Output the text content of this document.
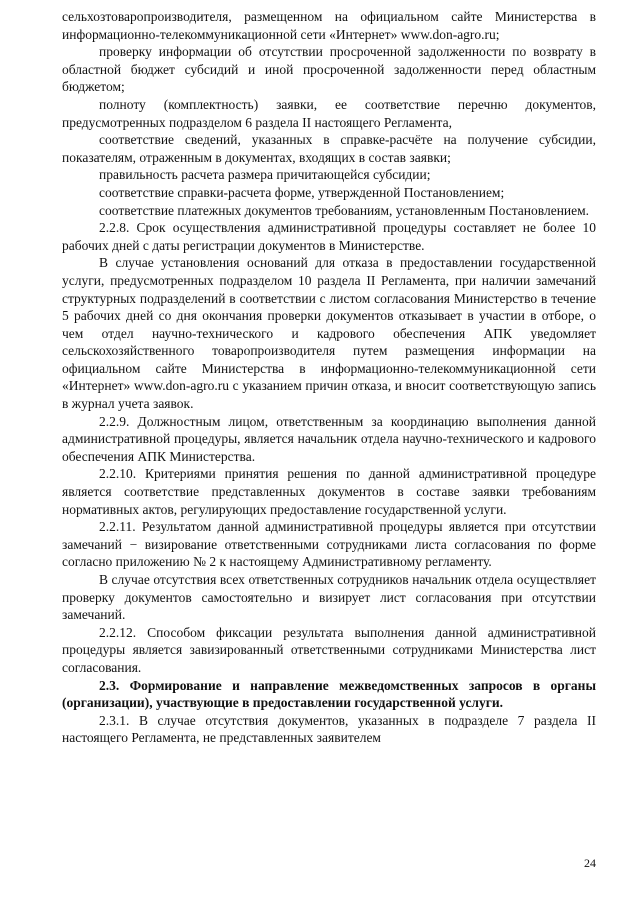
сельхозтоваропроизводителя, размещенном на официальном сайте Министерства в информационно-телекоммуникационной сети «Интернет» www.don-agro.ru;

проверку информации об отсутствии просроченной задолженности по возврату в областной бюджет субсидий и иной просроченной задолженности перед областным бюджетом;

полноту (комплектность) заявки, ее соответствие перечню документов, предусмотренных подразделом 6 раздела II настоящего Регламента,

соответствие сведений, указанных в справке-расчёте на получение субсидии, показателям, отраженным в документах, входящих в состав заявки;

правильность расчета размера причитающейся субсидии;

соответствие справки-расчета форме, утвержденной Постановлением;

соответствие платежных документов требованиям, установленным Постановлением.

2.2.8. Срок осуществления административной процедуры составляет не более 10 рабочих дней с даты регистрации документов в Министерстве.

В случае установления оснований для отказа в предоставлении государственной услуги, предусмотренных подразделом 10 раздела II Регламента, при наличии замечаний структурных подразделений в соответствии с листом согласования Министерство в течение 5 рабочих дней со дня окончания проверки документов отказывает в участии в отборе, о чем отдел научно-технического и кадрового обеспечения АПК уведомляет сельскохозяйственного товаропроизводителя путем размещения информации на официальном сайте Министерства в информационно-телекоммуникационной сети «Интернет» www.don-agro.ru с указанием причин отказа, и вносит соответствующую запись в журнал учета заявок.

2.2.9. Должностным лицом, ответственным за координацию выполнения данной административной процедуры, является начальник отдела научно-технического и кадрового обеспечения АПК Министерства.

2.2.10. Критериями принятия решения по данной административной процедуре является соответствие представленных документов в составе заявки требованиям нормативных актов, регулирующих предоставление государственной услуги.

2.2.11. Результатом данной административной процедуры является при отсутствии замечаний − визирование ответственными сотрудниками листа согласования по форме согласно приложению № 2 к настоящему Административному регламенту.

В случае отсутствия всех ответственных сотрудников начальник отдела осуществляет проверку документов самостоятельно и визирует лист согласования при отсутствии замечаний.

2.2.12. Способом фиксации результата выполнения данной административной процедуры является завизированный ответственными сотрудниками Министерства лист согласования.

2.3. Формирование и направление межведомственных запросов в органы (организации), участвующие в предоставлении государственной услуги.

2.3.1. В случае отсутствия документов, указанных в подразделе 7 раздела II настоящего Регламента, не представленных заявителем

24
